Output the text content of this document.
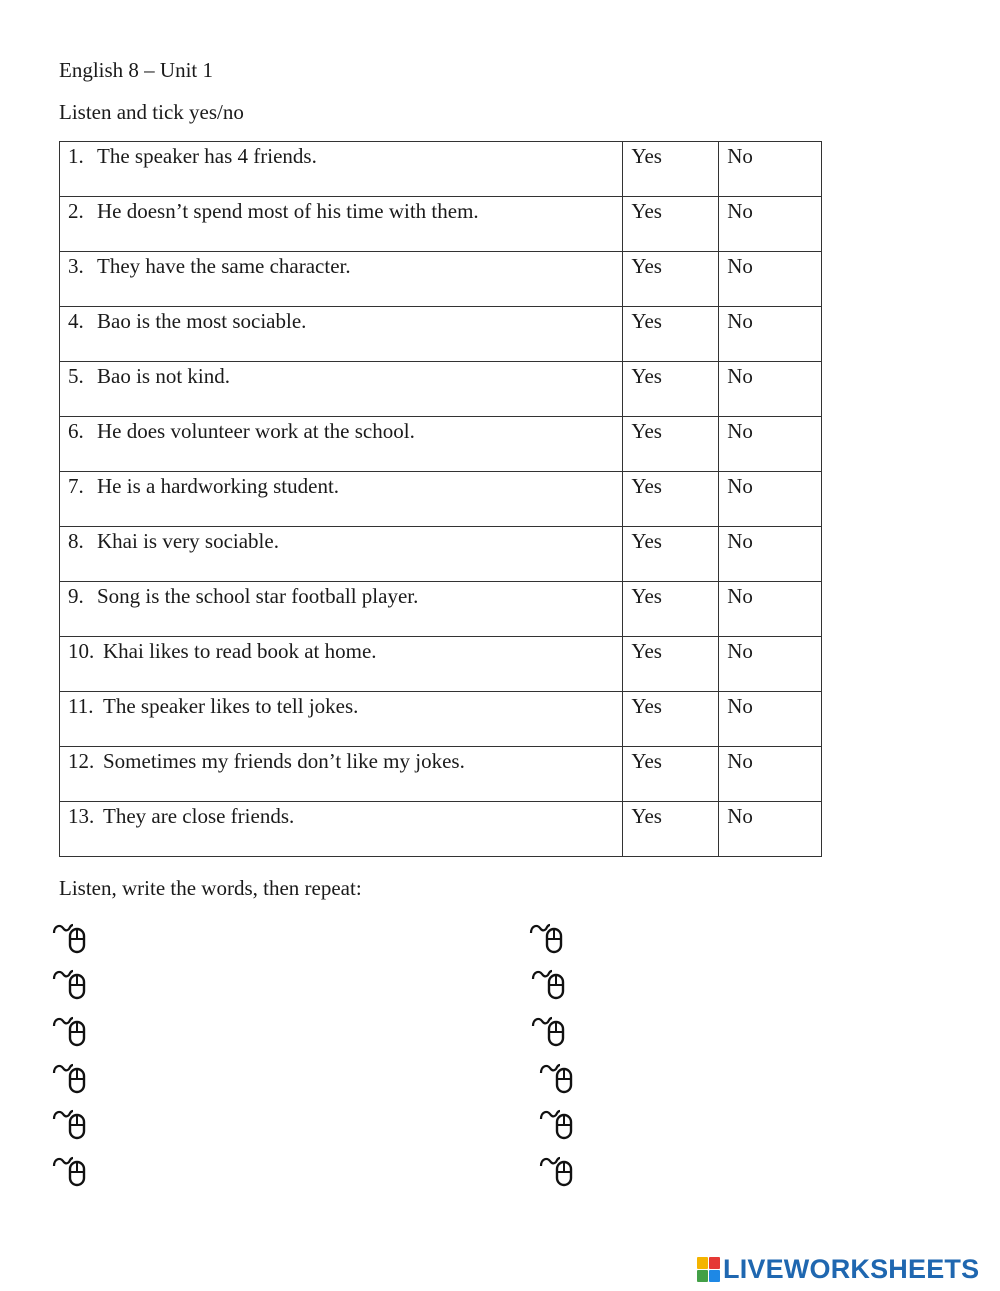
English 8 – Unit 1
Listen and tick yes/no
1. The speaker has 4 friends.	Yes	No
2. He doesn’t spend most of his time with them.	Yes	No
3. They have the same character.	Yes	No
4. Bao is the most sociable.	Yes	No
5. Bao is not kind.	Yes	No
6. He does volunteer work at the school.	Yes	No
7. He is a hardworking student.	Yes	No
8. Khai is very sociable.	Yes	No
9. Song is the school star football player.	Yes	No
10. Khai likes to read book at home.	Yes	No
11. The speaker likes to tell jokes.	Yes	No
12. Sometimes my friends don’t like my jokes.	Yes	No
13. They are close friends.	Yes	No
Listen, write the words, then repeat:
LIVEWORKSHEETS
